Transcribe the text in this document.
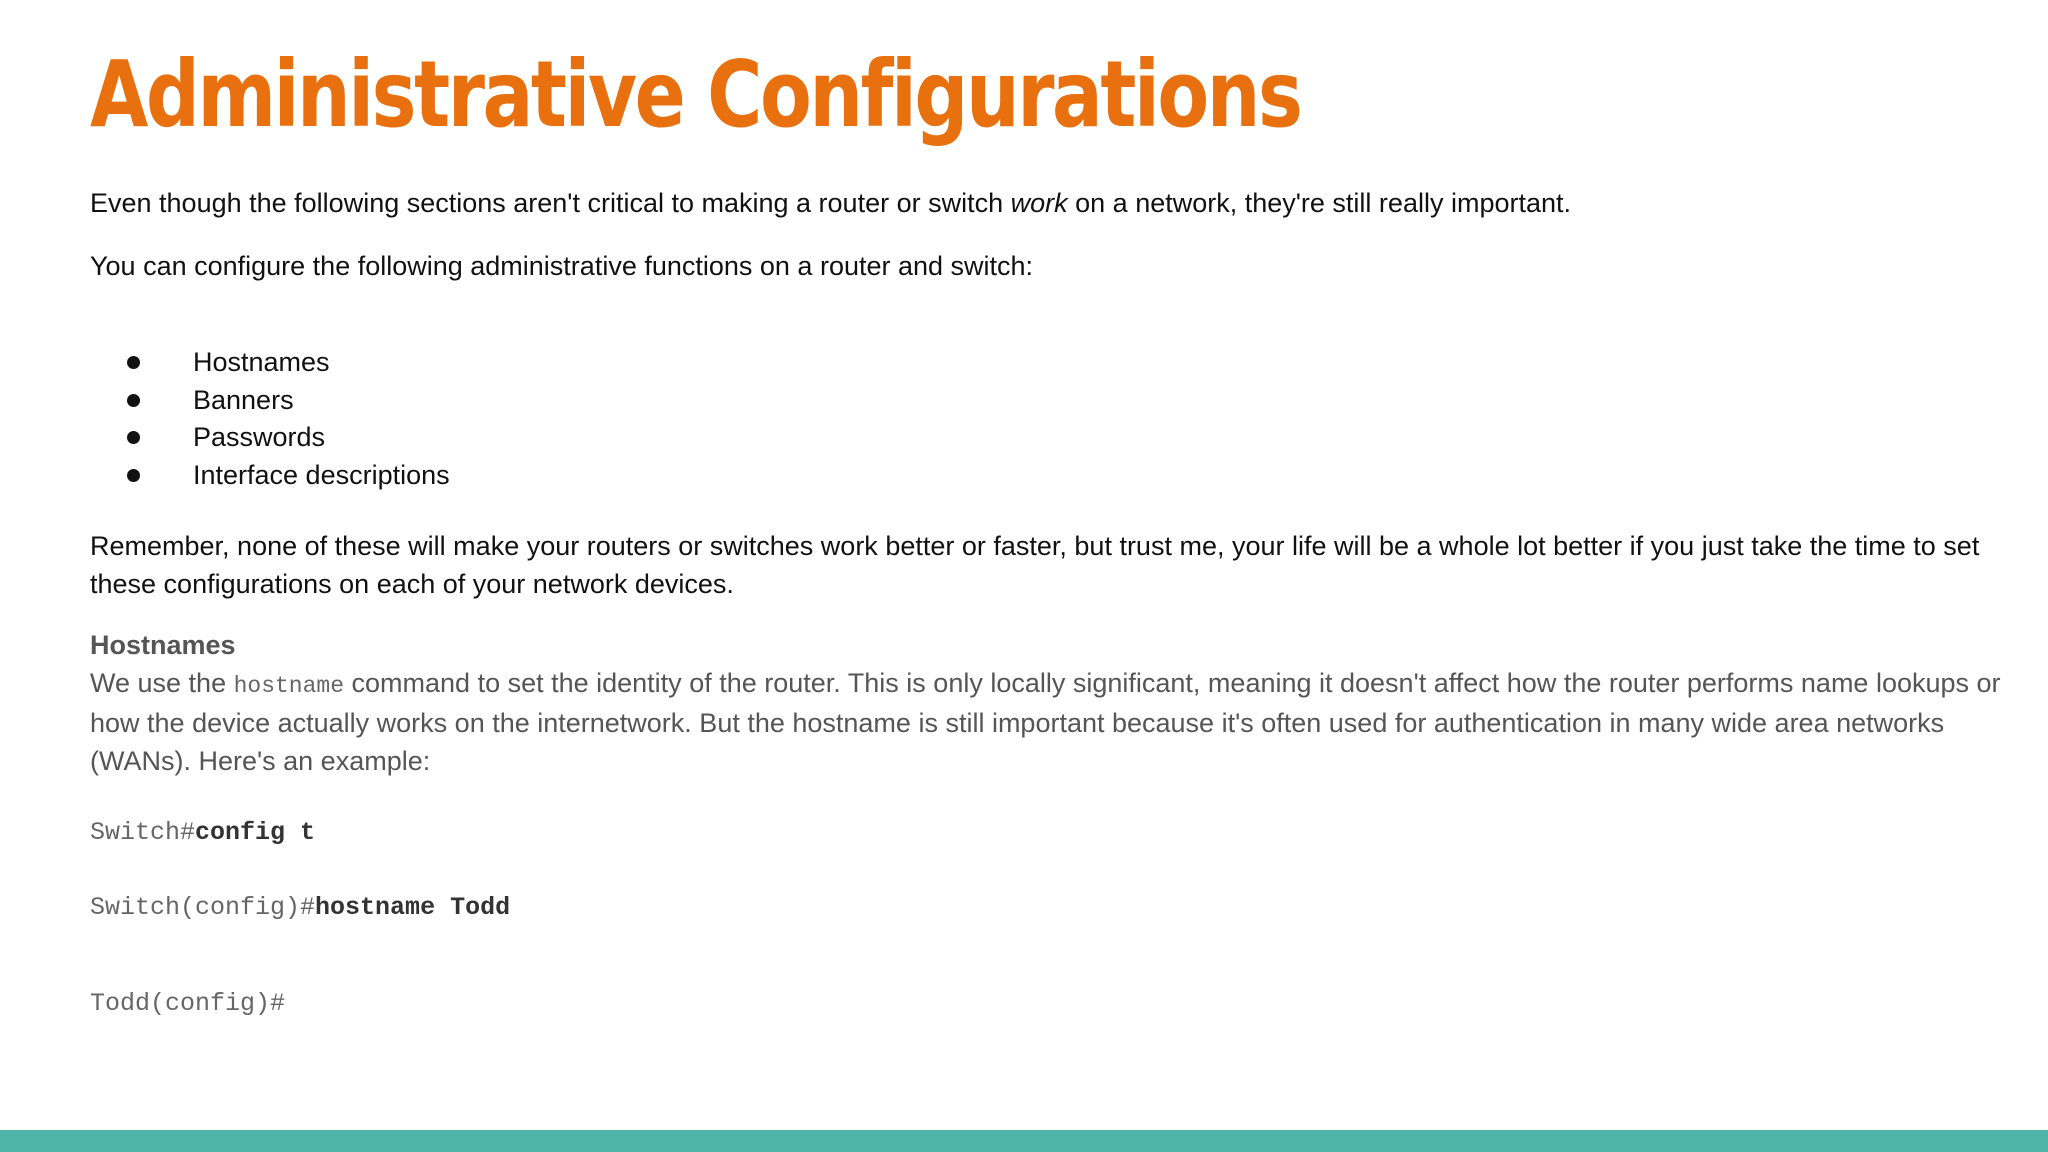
Administrative Configurations

Even though the following sections aren't critical to making a router or switch work on a network, they're still really important.

You can configure the following administrative functions on a router and switch:

Hostnames
Banners
Passwords
Interface descriptions

Remember, none of these will make your routers or switches work better or faster, but trust me, your life will be a whole lot better if you just take the time to set these configurations on each of your network devices.

Hostnames
We use the hostname command to set the identity of the router. This is only locally significant, meaning it doesn't affect how the router performs name lookups or how the device actually works on the internetwork. But the hostname is still important because it's often used for authentication in many wide area networks (WANs). Here's an example:

Switch#config t

Switch(config)#hostname Todd

Todd(config)#
